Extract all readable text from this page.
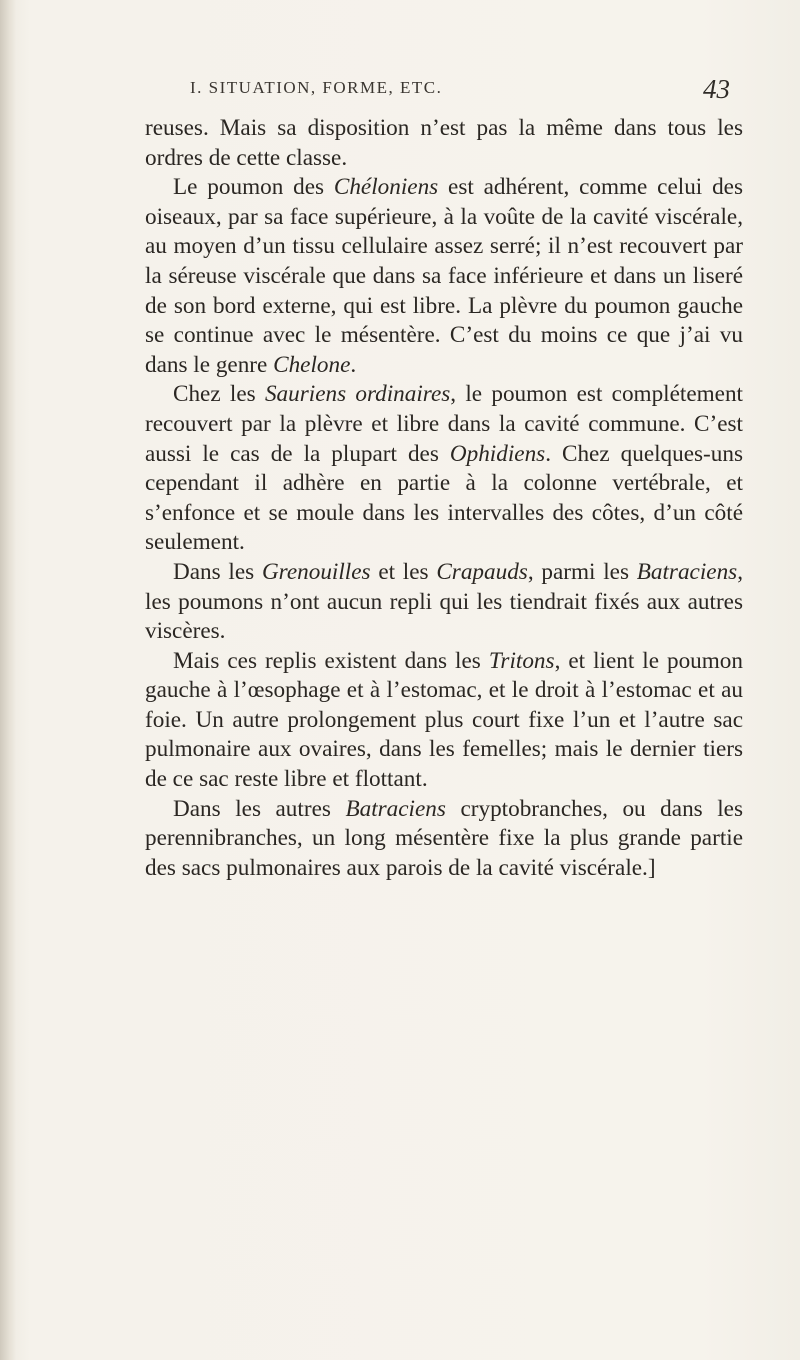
I. SITUATION, FORME, ETC.	43

reuses. Mais sa disposition n’est pas la même dans tous les ordres de cette classe.

Le poumon des Chéloniens est adhérent, comme celui des oiseaux, par sa face supérieure, à la voûte de la cavité viscérale, au moyen d’un tissu cellulaire assez serré; il n’est recouvert par la séreuse viscérale que dans sa face inférieure et dans un liseré de son bord externe, qui est libre. La plèvre du poumon gauche se continue avec le mésentère. C’est du moins ce que j’ai vu dans le genre Chelone.

Chez les Sauriens ordinaires, le poumon est complétement recouvert par la plèvre et libre dans la cavité commune. C’est aussi le cas de la plupart des Ophidiens. Chez quelques-uns cependant il adhère en partie à la colonne vertébrale, et s’enfonce et se moule dans les intervalles des côtes, d’un côté seulement.

Dans les Grenouilles et les Crapauds, parmi les Batraciens, les poumons n’ont aucun repli qui les tiendrait fixés aux autres viscères.

Mais ces replis existent dans les Tritons, et lient le poumon gauche à l’œsophage et à l’estomac, et le droit à l’estomac et au foie. Un autre prolongement plus court fixe l’un et l’autre sac pulmonaire aux ovaires, dans les femelles; mais le dernier tiers de ce sac reste libre et flottant.

Dans les autres Batraciens cryptobranches, ou dans les perennibranches, un long mésentère fixe la plus grande partie des sacs pulmonaires aux parois de la cavité viscérale.]
